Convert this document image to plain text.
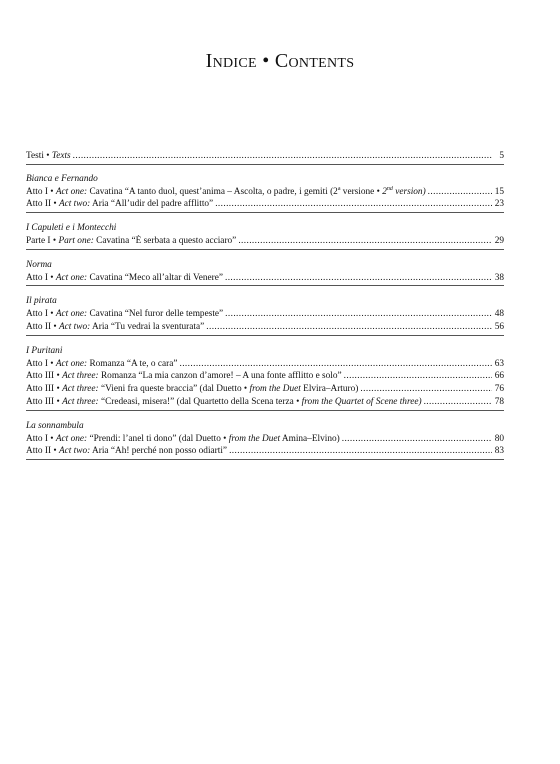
Indice • Contents
Testi • Texts .....	5
Bianca e Fernando
Atto I • Act one: Cavatina “A tanto duol, quest’anima – Ascolta, o padre, i gemiti (2$^a$ versione • 2nd version) .....	15
Atto II • Act two: Aria “All’udir del padre afflitto” .....	23
I Capuleti e i Montecchi
Parte I • Part one: Cavatina “È serbata a questo acciaro” .....	29
Norma
Atto I • Act one: Cavatina “Meco all’altar di Venere” .....	38
Il pirata
Atto I • Act one: Cavatina “Nel furor delle tempeste” .....	48
Atto II • Act two: Aria “Tu vedrai la sventurata” .....	56
I Puritani
Atto I • Act one: Romanza “A te, o cara” .....	63
Atto III • Act three: Romanza “La mia canzon d’amore! – A una fonte afflitto e solo” .....	66
Atto III • Act three: “Vieni fra queste braccia” (dal Duetto • from the Duet Elvira–Arturo) .....	76
Atto III • Act three: “Credeasi, misera!” (dal Quartetto della Scena terza • from the Quartet of Scene three) .....	78
La sonnambula
Atto I • Act one: “Prendi: l’anel ti dono” (dal Duetto • from the Duet Amina–Elvino) .....	80
Atto II • Act two: Aria “Ah! perché non posso odiarti” .....	83
